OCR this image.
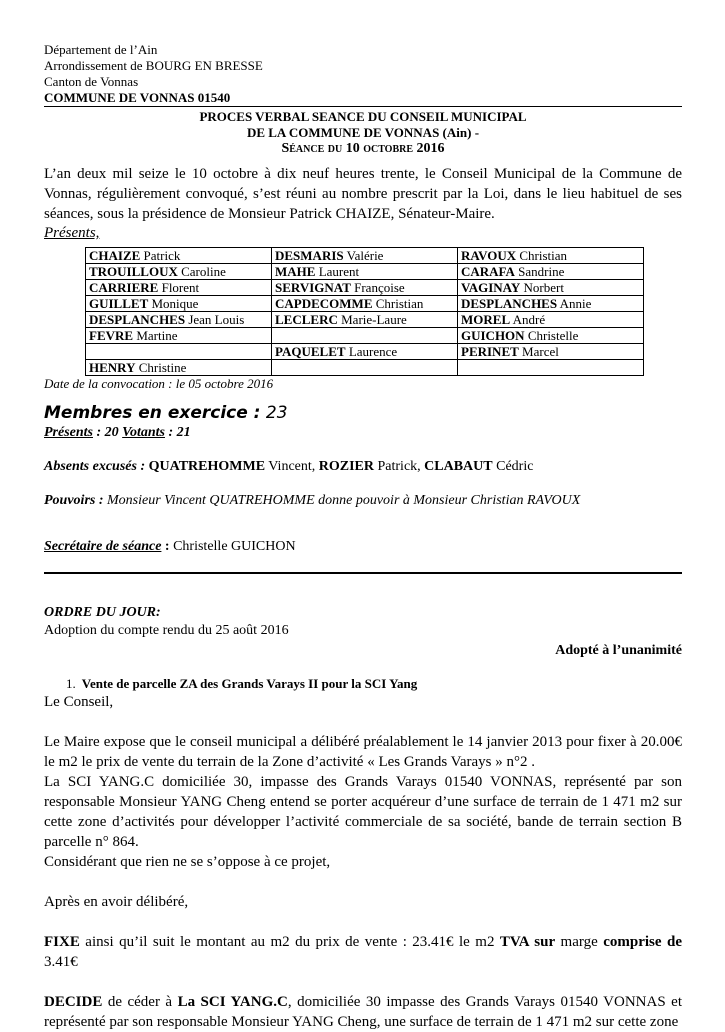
Département de l’Ain
Arrondissement de BOURG EN BRESSE
Canton de Vonnas
COMMUNE DE VONNAS 01540
PROCES VERBAL SEANCE DU CONSEIL MUNICIPAL
DE LA COMMUNE DE VONNAS (Ain) -
Séance du 10 octobre 2016

L’an deux mil seize le 10 octobre à dix neuf heures trente, le Conseil Municipal de la Commune de Vonnas, régulièrement convoqué, s’est réuni au nombre prescrit par la Loi, dans le lieu habituel de ses séances, sous la présidence de Monsieur Patrick CHAIZE, Sénateur-Maire.

Présents,
CHAIZE Patrick	DESMARIS Valérie	RAVOUX Christian
TROUILLOUX Caroline	MAHE Laurent	CARAFA Sandrine
CARRIERE Florent	SERVIGNAT Françoise	VAGINAY Norbert
GUILLET Monique	CAPDECOMME Christian	DESPLANCHES Annie
DESPLANCHES Jean Louis	LECLERC Marie-Laure	MOREL André
FEVRE Martine		GUICHON Christelle
	PAQUELET Laurence	PERINET Marcel
HENRY Christine		
Date de la convocation : le 05 octobre 2016
Membres en exercice : 23
Présents : 20 Votants : 21
Absents excusés : QUATREHOMME Vincent, ROZIER Patrick, CLABAUT Cédric
Pouvoirs : Monsieur Vincent QUATREHOMME donne pouvoir à Monsieur Christian RAVOUX
Secrétaire de séance : Christelle GUICHON
ORDRE DU JOUR:
Adoption du compte rendu du 25 août 2016
Adopté à l’unanimité
1. Vente de parcelle ZA des Grands Varays II pour la SCI Yang
Le Conseil,

Le Maire expose que le conseil municipal a délibéré préalablement le 14 janvier 2013 pour fixer à 20.00€ le m2 le prix de vente du terrain de la Zone d’activité « Les Grands Varays » n°2 .

La SCI YANG.C domiciliée 30, impasse des Grands Varays 01540 VONNAS, représenté par son responsable Monsieur YANG Cheng entend se porter acquéreur d’une surface de terrain de 1 471 m2 sur cette zone d’activités pour développer l’activité commerciale de sa société, bande de terrain section B parcelle n° 864.

Considérant que rien ne se s’oppose à ce projet,

Après en avoir délibéré,

FIXE ainsi qu’il suit le montant au m2 du prix de vente : 23.41€ le m2 TVA sur marge comprise de 3.41€

DECIDE de céder à La SCI YANG.C, domiciliée 30 impasse des Grands Varays 01540 VONNAS et représenté par son responsable Monsieur YANG Cheng, une surface de terrain de 1 471 m2 sur cette zone
